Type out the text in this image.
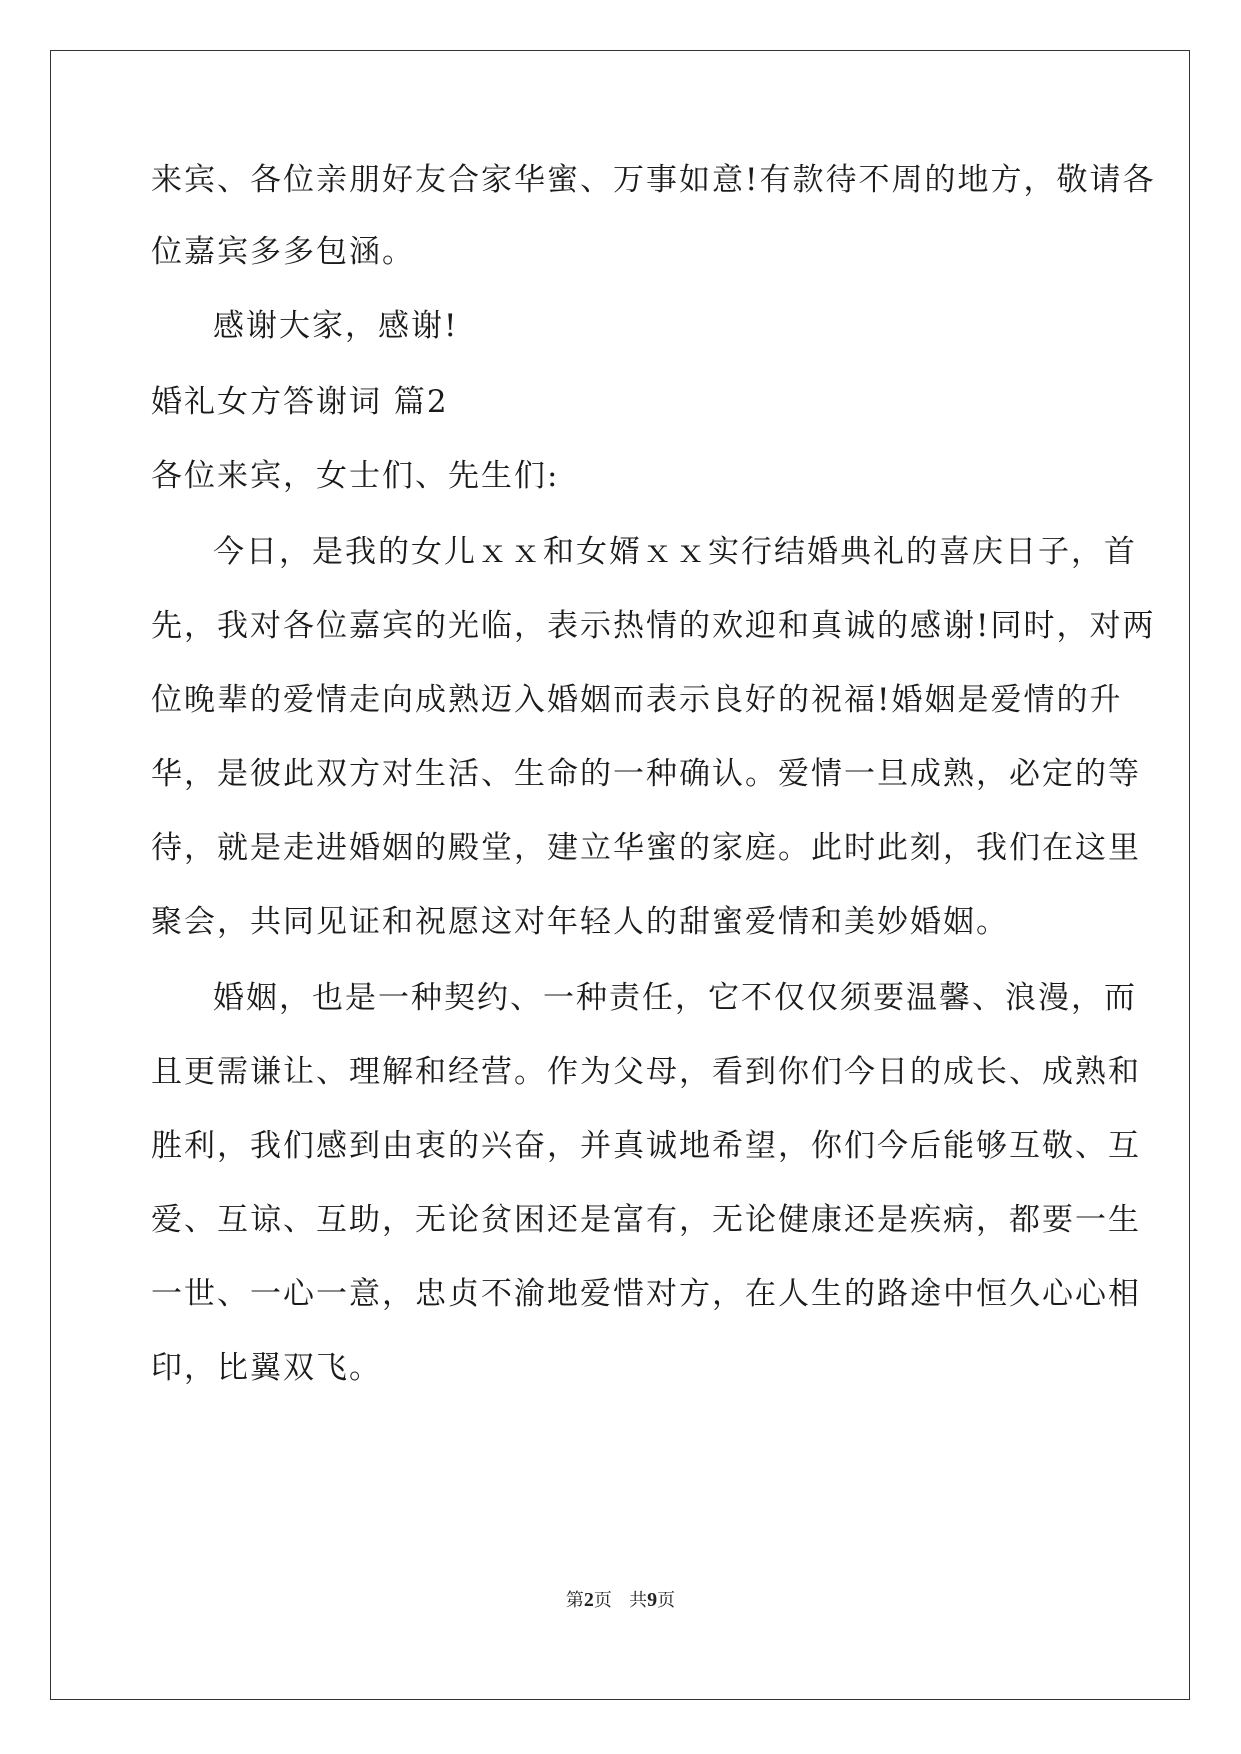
来宾、各位亲朋好友合家华蜜、万事如意!有款待不周的地方，敬请各
位嘉宾多多包涵。
感谢大家，感谢!
婚礼女方答谢词 篇2
各位来宾，女士们、先生们:
今日，是我的女儿ｘｘ和女婿ｘｘ实行结婚典礼的喜庆日子，首
先，我对各位嘉宾的光临，表示热情的欢迎和真诚的感谢!同时，对两
位晚辈的爱情走向成熟迈入婚姻而表示良好的祝福!婚姻是爱情的升
华，是彼此双方对生活、生命的一种确认。爱情一旦成熟，必定的等
待，就是走进婚姻的殿堂，建立华蜜的家庭。此时此刻，我们在这里
聚会，共同见证和祝愿这对年轻人的甜蜜爱情和美妙婚姻。
婚姻，也是一种契约、一种责任，它不仅仅须要温馨、浪漫，而
且更需谦让、理解和经营。作为父母，看到你们今日的成长、成熟和
胜利，我们感到由衷的兴奋，并真诚地希望，你们今后能够互敬、互
爱、互谅、互助，无论贫困还是富有，无论健康还是疾病，都要一生
一世、一心一意，忠贞不渝地爱惜对方，在人生的路途中恒久心心相
印，比翼双飞。
第2页 共9页
